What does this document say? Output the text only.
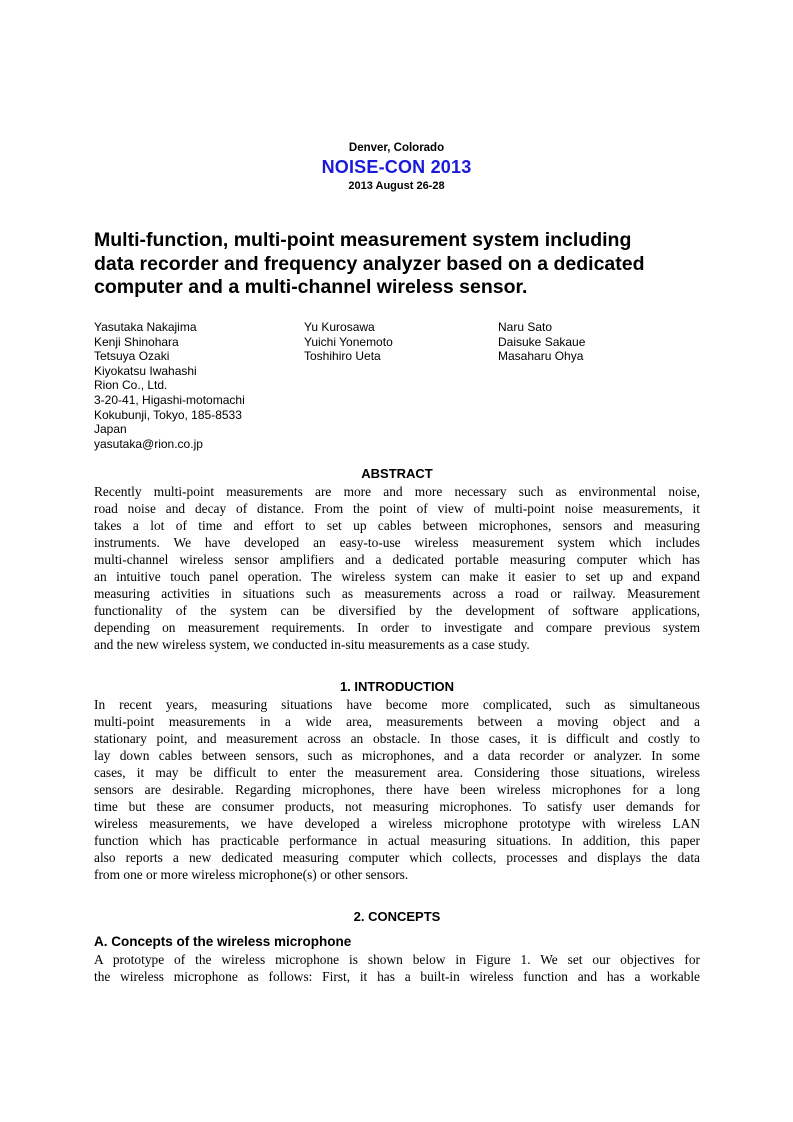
Denver, Colorado
NOISE-CON 2013
2013 August 26-28
Multi-function, multi-point measurement system including
data recorder and frequency analyzer based on a dedicated
computer and a multi-channel wireless sensor.
Yasutaka Nakajima
Kenji Shinohara
Tetsuya Ozaki
Kiyokatsu Iwahashi
Rion Co., Ltd.
3-20-41, Higashi-motomachi
Kokubunji, Tokyo, 185-8533
Japan
yasutaka@rion.co.jp
Yu Kurosawa
Yuichi Yonemoto
Toshihiro Ueta
Naru Sato
Daisuke Sakaue
Masaharu Ohya
ABSTRACT
Recently multi-point measurements are more and more necessary such as environmental noise,
road noise and decay of distance. From the point of view of multi-point noise measurements, it
takes a lot of time and effort to set up cables between microphones, sensors and measuring
instruments. We have developed an easy-to-use wireless measurement system which includes
multi-channel wireless sensor amplifiers and a dedicated portable measuring computer which has
an intuitive touch panel operation. The wireless system can make it easier to set up and expand
measuring activities in situations such as measurements across a road or railway. Measurement
functionality of the system can be diversified by the development of software applications,
depending on measurement requirements. In order to investigate and compare previous system
and the new wireless system, we conducted in-situ measurements as a case study.
1. INTRODUCTION
In recent years, measuring situations have become more complicated, such as simultaneous
multi-point measurements in a wide area, measurements between a moving object and a
stationary point, and measurement across an obstacle. In those cases, it is difficult and costly to
lay down cables between sensors, such as microphones, and a data recorder or analyzer. In some
cases, it may be difficult to enter the measurement area. Considering those situations, wireless
sensors are desirable. Regarding microphones, there have been wireless microphones for a long
time but these are consumer products, not measuring microphones. To satisfy user demands for
wireless measurements, we have developed a wireless microphone prototype with wireless LAN
function which has practicable performance in actual measuring situations. In addition, this paper
also reports a new dedicated measuring computer which collects, processes and displays the data
from one or more wireless microphone(s) or other sensors.
2. CONCEPTS
A. Concepts of the wireless microphone
A prototype of the wireless microphone is shown below in Figure 1. We set our objectives for
the wireless microphone as follows: First, it has a built-in wireless function and has a workable
